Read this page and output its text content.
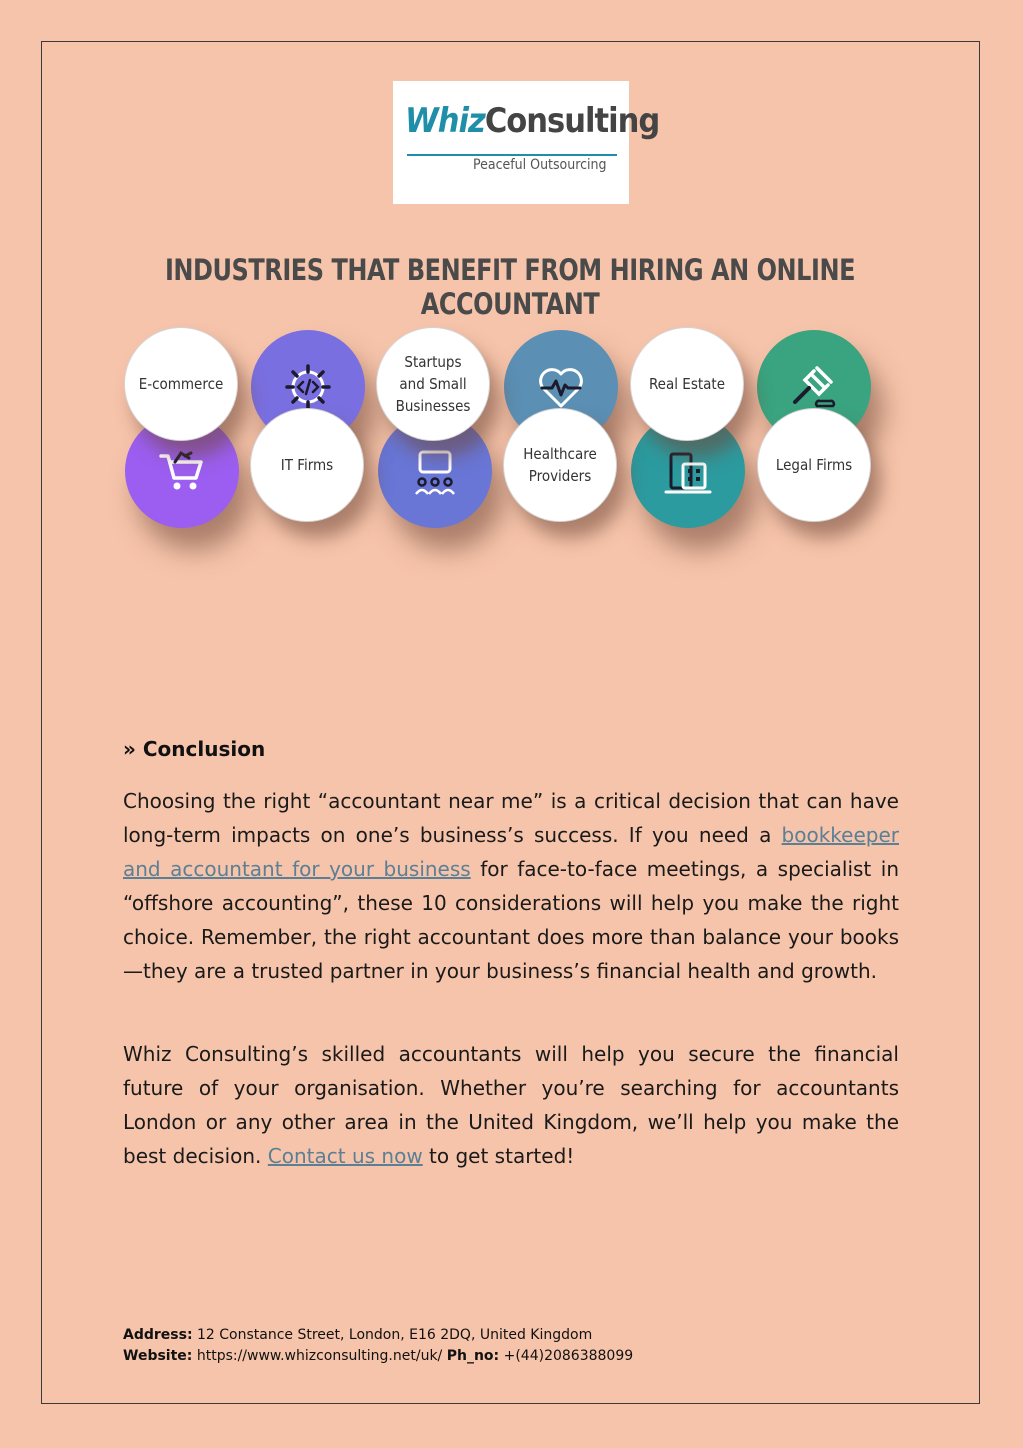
WhizConsulting
Peaceful Outsourcing
INDUSTRIES THAT BENEFIT FROM HIRING AN ONLINE ACCOUNTANT
E-commerce
Startups
and Small
Businesses
Real Estate
IT Firms
Healthcare
Providers
Legal Firms
» Conclusion

Choosing the right “accountant near me” is a critical decision that can have long-term impacts on one’s business’s success. If you need a bookkeeper and accountant for your business for face-to-face meetings, a specialist in “offshore accounting”, these 10 considerations will help you make the right choice. Remember, the right accountant does more than balance your books—they are a trusted partner in your business’s financial health and growth.

Whiz Consulting’s skilled accountants will help you secure the financial future of your organisation. Whether you’re searching for accountants London or any other area in the United Kingdom, we’ll help you make the best decision. Contact us now to get started!

Address: 12 Constance Street, London, E16 2DQ, United Kingdom
Website: https://www.whizconsulting.net/uk/ Ph_no: +(44)2086388099
